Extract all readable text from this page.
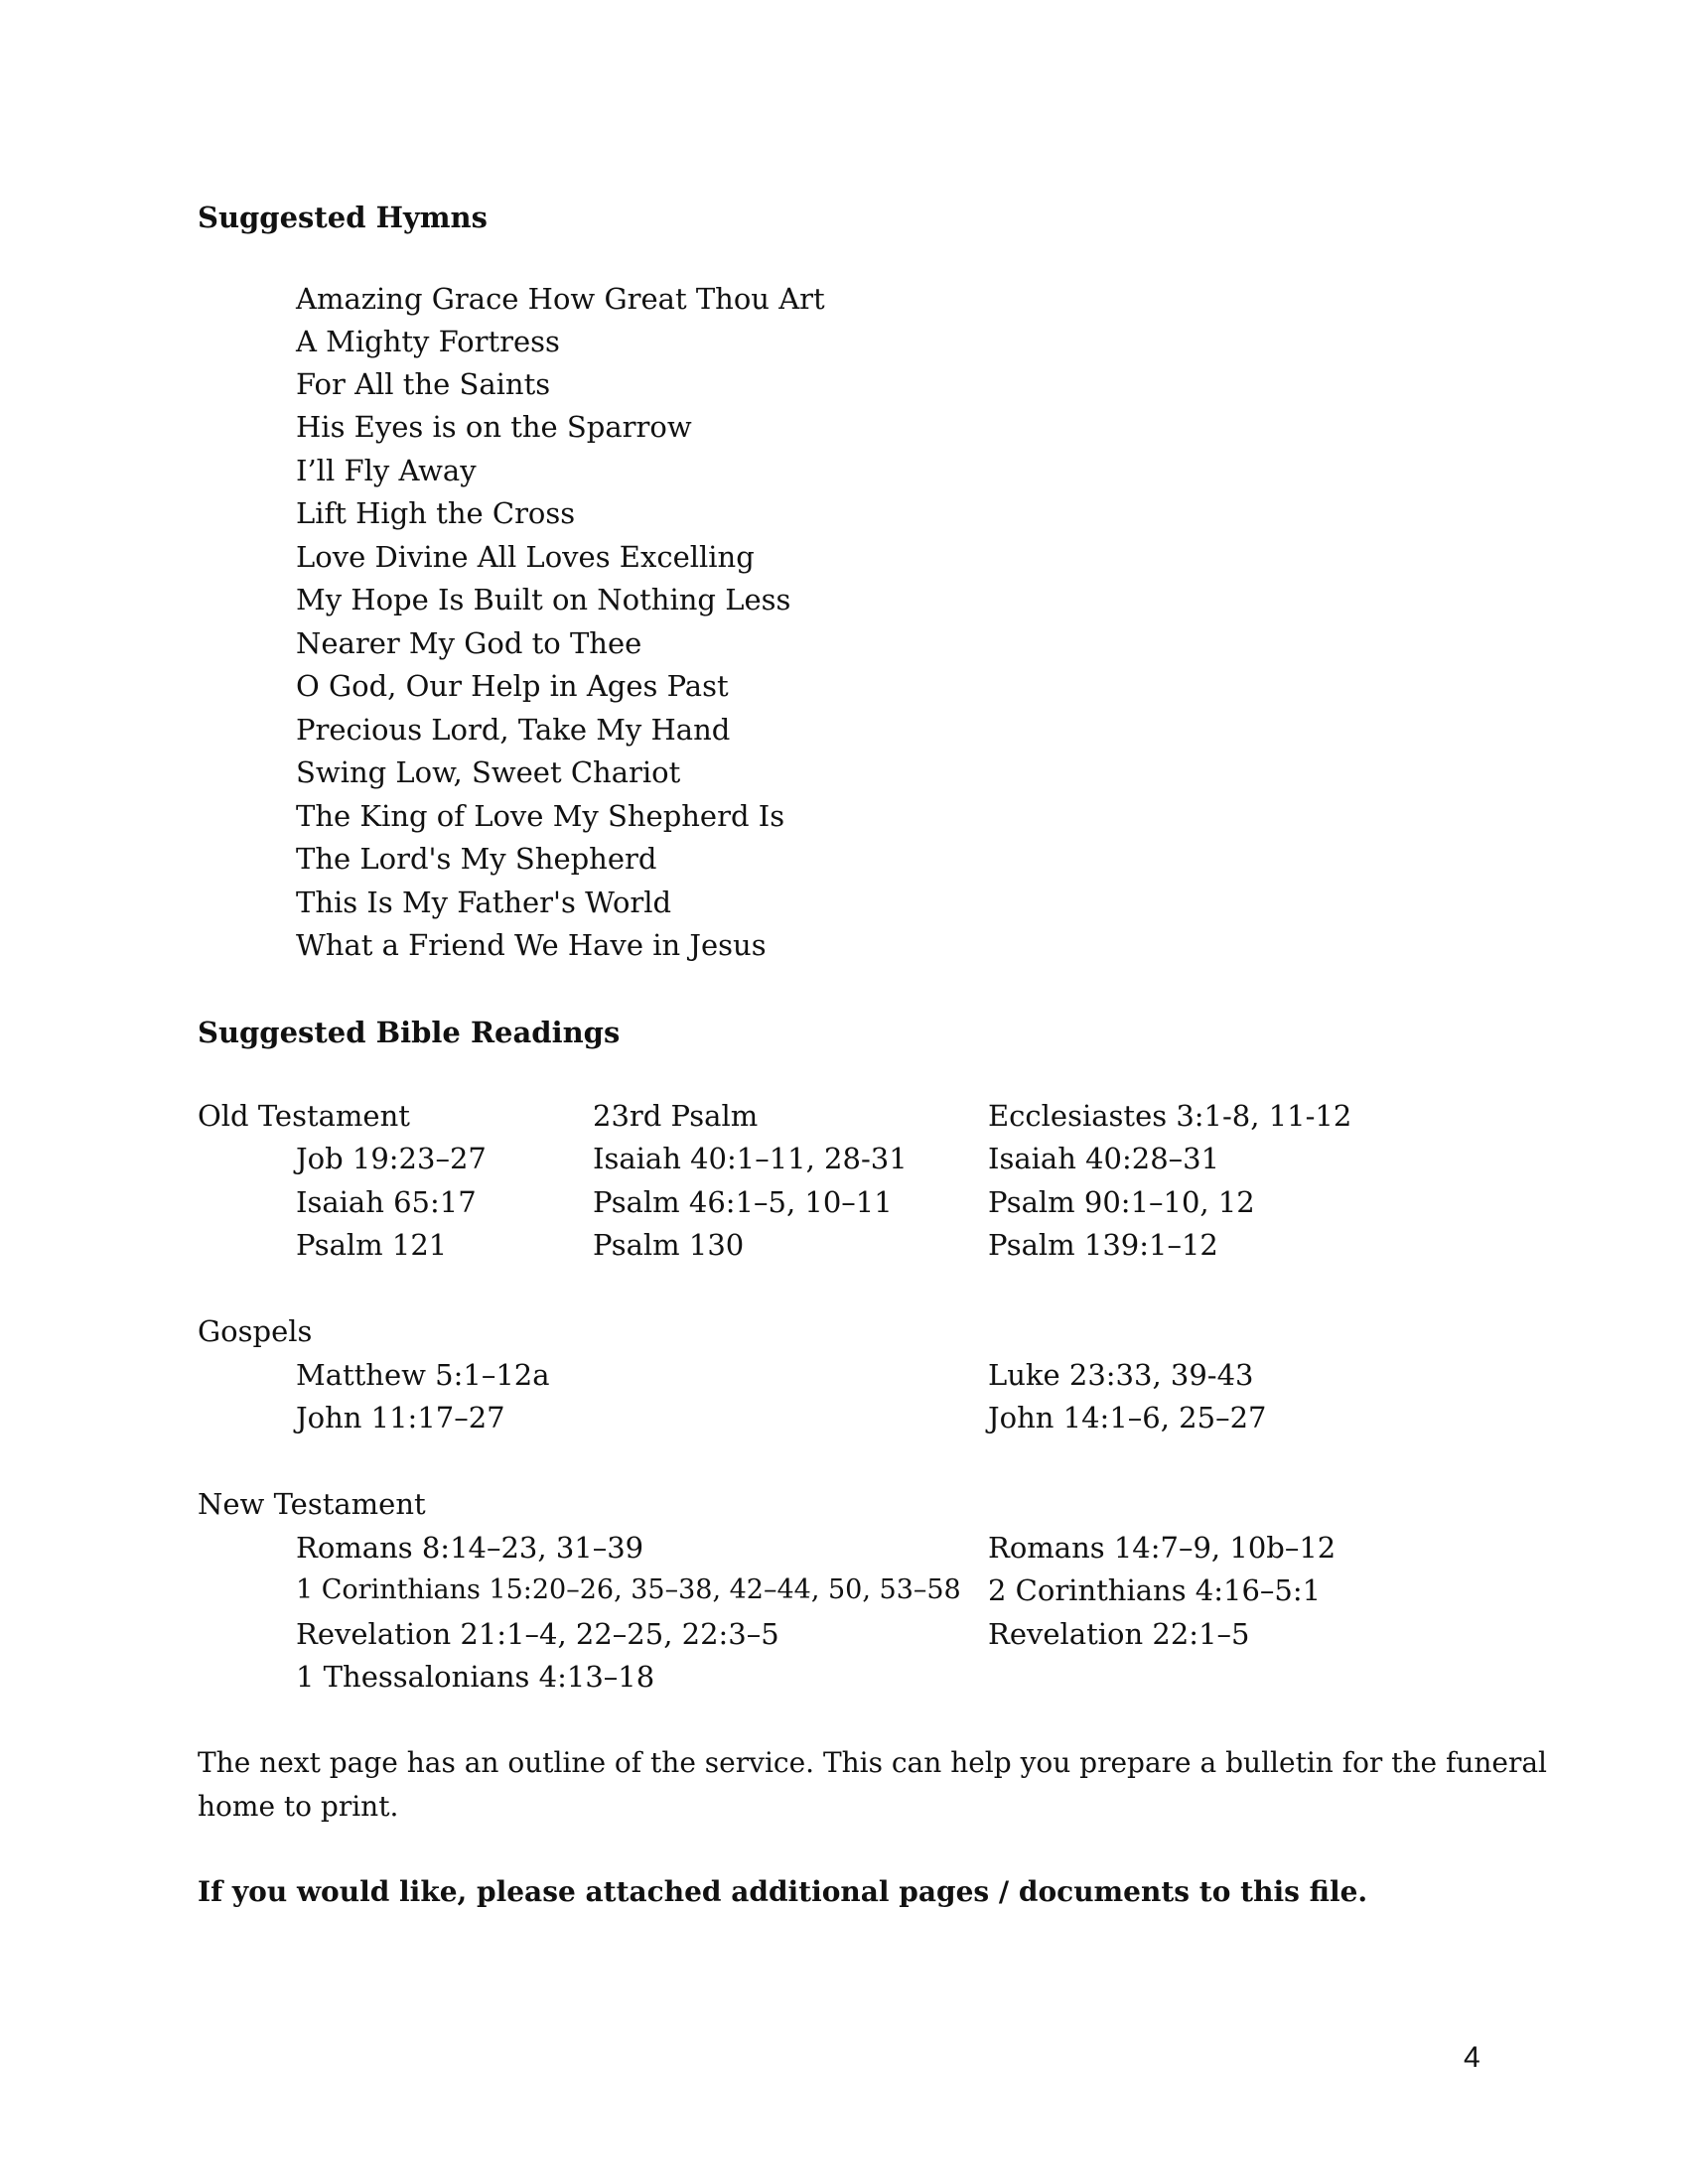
Suggested Hymns
Amazing Grace How Great Thou Art
A Mighty Fortress
For All the Saints
His Eyes is on the Sparrow
I’ll Fly Away
Lift High the Cross
Love Divine All Loves Excelling
My Hope Is Built on Nothing Less
Nearer My God to Thee
O God, Our Help in Ages Past
Precious Lord, Take My Hand
Swing Low, Sweet Chariot
The King of Love My Shepherd Is
The Lord's My Shepherd
This Is My Father's World
What a Friend We Have in Jesus
Suggested Bible Readings
Old Testament	23rd Psalm	Ecclesiastes 3:1-8, 11-12
Job 19:23–27	Isaiah 40:1–11, 28-31	Isaiah 40:28–31
Isaiah 65:17	Psalm 46:1–5, 10–11	Psalm 90:1–10, 12
Psalm 121	Psalm 130	Psalm 139:1–12
Gospels
Matthew 5:1–12a	Luke 23:33, 39-43
John 11:17–27	John 14:1–6, 25–27
New Testament
Romans 8:14–23, 31–39	Romans 14:7–9, 10b–12
1 Corinthians 15:20–26, 35–38, 42–44, 50, 53–58 2 Corinthians 4:16–5:1
Revelation 21:1–4, 22–25, 22:3–5	Revelation 22:1–5
1 Thessalonians 4:13–18
The next page has an outline of the service. This can help you prepare a bulletin for the funeral
home to print.
If you would like, please attached additional pages / documents to this file.
4
